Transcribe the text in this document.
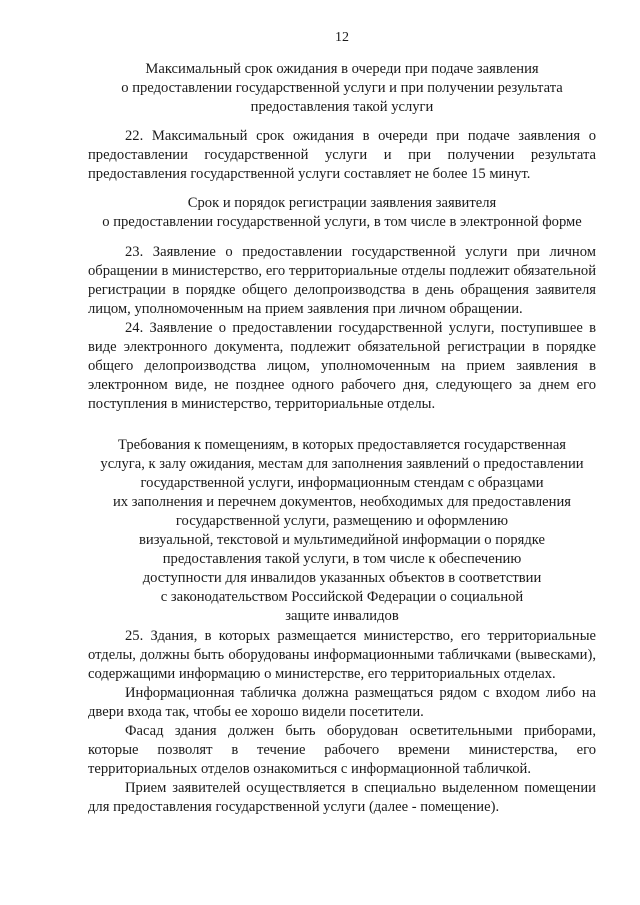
12
Максимальный срок ожидания в очереди при подаче заявления
о предоставлении государственной услуги и при получении результата
предоставления такой услуги

22. Максимальный срок ожидания в очереди при подаче заявления о предоставлении государственной услуги и при получении результата предоставления государственной услуги составляет не более 15 минут.

Срок и порядок регистрации заявления заявителя
о предоставлении государственной услуги, в том числе в электронной форме

23. Заявление о предоставлении государственной услуги при личном обращении в министерство, его территориальные отделы подлежит обязательной регистрации в порядке общего делопроизводства в день обращения заявителя лицом, уполномоченным на прием заявления при личном обращении.

24. Заявление о предоставлении государственной услуги, поступившее в виде электронного документа, подлежит обязательной регистрации в порядке общего делопроизводства лицом, уполномоченным на прием заявления в электронном виде, не позднее одного рабочего дня, следующего за днем его поступления в министерство, территориальные отделы.

Требования к помещениям, в которых предоставляется государственная
услуга, к залу ожидания, местам для заполнения заявлений о предоставлении
государственной услуги, информационным стендам с образцами
их заполнения и перечнем документов, необходимых для предоставления
государственной услуги, размещению и оформлению
визуальной, текстовой и мультимедийной информации о порядке
предоставления такой услуги, в том числе к обеспечению
доступности для инвалидов указанных объектов в соответствии
с законодательством Российской Федерации о социальной
защите инвалидов

25. Здания, в которых размещается министерство, его территориальные отделы, должны быть оборудованы информационными табличками (вывесками), содержащими информацию о министерстве, его территориальных отделах.

Информационная табличка должна размещаться рядом с входом либо на двери входа так, чтобы ее хорошо видели посетители.

Фасад здания должен быть оборудован осветительными приборами, которые позволят в течение рабочего времени министерства, его территориальных отделов ознакомиться с информационной табличкой.

Прием заявителей осуществляется в специально выделенном помещении для предоставления государственной услуги (далее - помещение).
